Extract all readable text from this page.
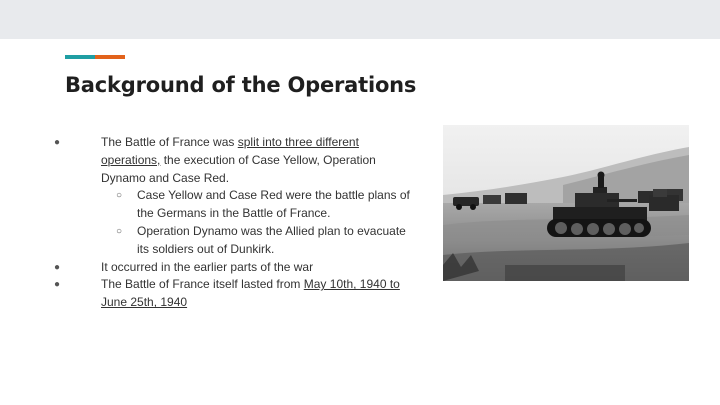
Background of the Operations
●	The Battle of France was split into three different operations, the execution of Case Yellow, Operation Dynamo and Case Red.
○ Case Yellow and Case Red were the battle plans of the Germans in the Battle of France.
○ Operation Dynamo was the Allied plan to evacuate its soldiers out of Dunkirk.
●	It occurred in the earlier parts of the war
●	The Battle of France itself lasted from May 10th, 1940 to June 25th, 1940
